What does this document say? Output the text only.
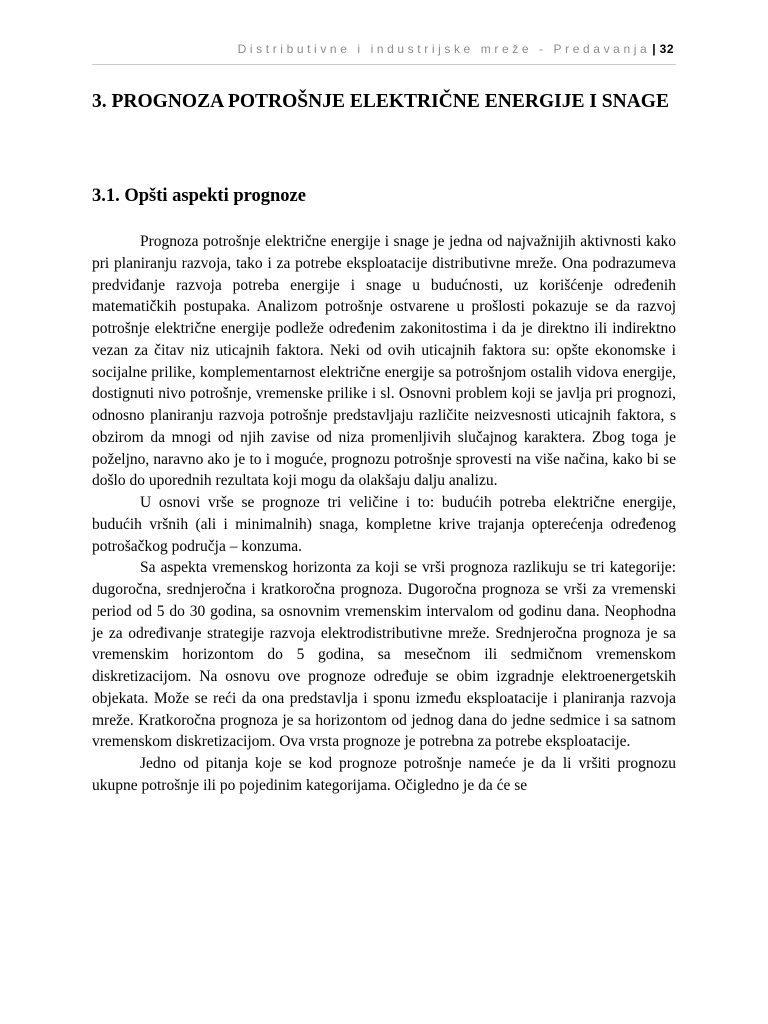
Distributivne i industrijske mreže - Predavanja | 32
3. PROGNOZA POTROŠNJE ELEKTRIČNE ENERGIJE I SNAGE
3.1. Opšti aspekti prognoze

Prognoza potrošnje električne energije i snage je jedna od najvažnijih aktivnosti kako pri planiranju razvoja, tako i za potrebe eksploatacije distributivne mreže. Ona podrazumeva predviđanje razvoja potreba energije i snage u budućnosti, uz korišćenje određenih matematičkih postupaka. Analizom potrošnje ostvarene u prošlosti pokazuje se da razvoj potrošnje električne energije podleže određenim zakonitostima i da je direktno ili indirektno vezan za čitav niz uticajnih faktora. Neki od ovih uticajnih faktora su: opšte ekonomske i socijalne prilike, komplementarnost električne energije sa potrošnjom ostalih vidova energije, dostignuti nivo potrošnje, vremenske prilike i sl. Osnovni problem koji se javlja pri prognozi, odnosno planiranju razvoja potrošnje predstavljaju različite neizvesnosti uticajnih faktora, s obzirom da mnogi od njih zavise od niza promenljivih slučajnog karaktera. Zbog toga je poželjno, naravno ako je to i moguće, prognozu potrošnje sprovesti na više načina, kako bi se došlo do uporednih rezultata koji mogu da olakšaju dalju analizu.

U osnovi vrše se prognoze tri veličine i to: budućih potreba električne energije, budućih vršnih (ali i minimalnih) snaga, kompletne krive trajanja opterećenja određenog potrošačkog područja – konzuma.

Sa aspekta vremenskog horizonta za koji se vrši prognoza razlikuju se tri kategorije: dugoročna, srednjeročna i kratkoročna prognoza. Dugoročna prognoza se vrši za vremenski period od 5 do 30 godina, sa osnovnim vremenskim intervalom od godinu dana. Neophodna je za određivanje strategije razvoja elektrodistributivne mreže. Srednjeročna prognoza je sa vremenskim horizontom do 5 godina, sa mesečnom ili sedmičnom vremenskom diskretizacijom. Na osnovu ove prognoze određuje se obim izgradnje elektroenergetskih objekata. Može se reći da ona predstavlja i sponu između eksploatacije i planiranja razvoja mreže. Kratkoročna prognoza je sa horizontom od jednog dana do jedne sedmice i sa satnom vremenskom diskretizacijom. Ova vrsta prognoze je potrebna za potrebe eksploatacije.

Jedno od pitanja koje se kod prognoze potrošnje nameće je da li vršiti prognozu ukupne potrošnje ili po pojedinim kategorijama. Očigledno je da će se
